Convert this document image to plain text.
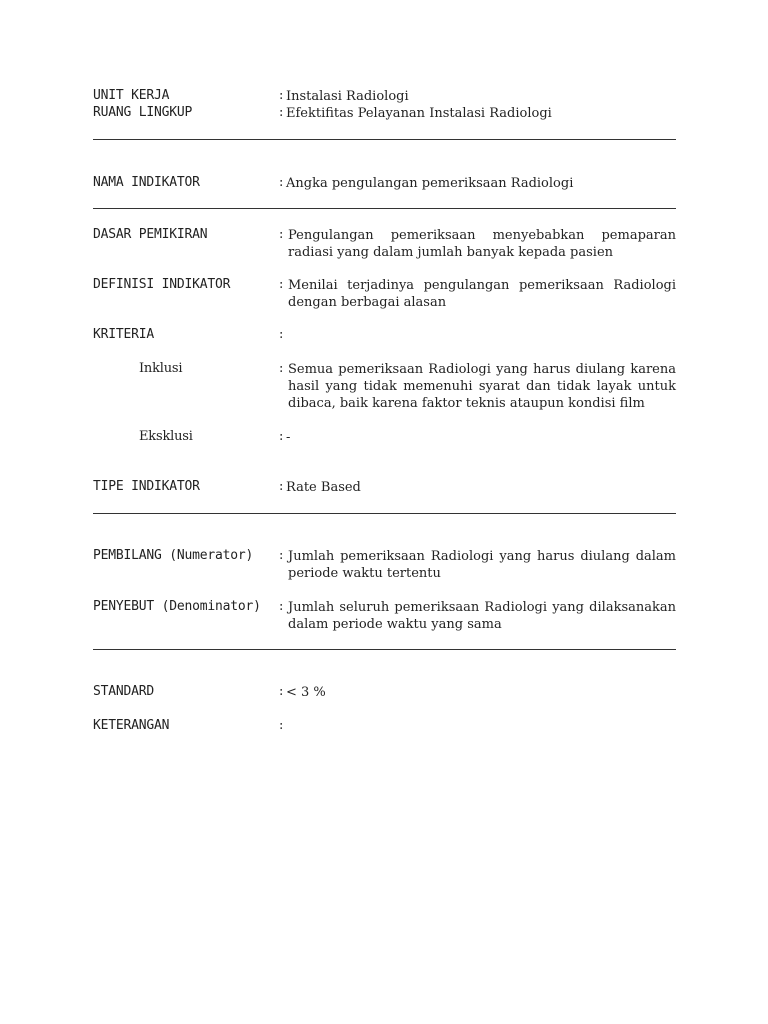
UNIT KERJA	: Instalasi Radiologi
RUANG LINGKUP	: Efektifitas Pelayanan Instalasi Radiologi
NAMA INDIKATOR	: Angka pengulangan pemeriksaan Radiologi
DASAR PEMIKIRAN	: Pengulangan pemeriksaan menyebabkan pemaparan radiasi yang dalam jumlah banyak kepada pasien
DEFINISI INDIKATOR	: Menilai terjadinya pengulangan pemeriksaan Radiologi dengan berbagai alasan
KRITERIA	:
Inklusi	: Semua pemeriksaan Radiologi yang harus diulang karena hasil yang tidak memenuhi syarat dan tidak layak untuk dibaca, baik karena faktor teknis ataupun kondisi film
Eksklusi	: -
TIPE INDIKATOR	: Rate Based
PEMBILANG (Numerator) : Jumlah pemeriksaan Radiologi yang harus diulang dalam periode waktu tertentu
PENYEBUT (Denominator) : Jumlah seluruh pemeriksaan Radiologi yang dilaksanakan dalam periode waktu yang sama
STANDARD	: < 3 %
KETERANGAN	:
